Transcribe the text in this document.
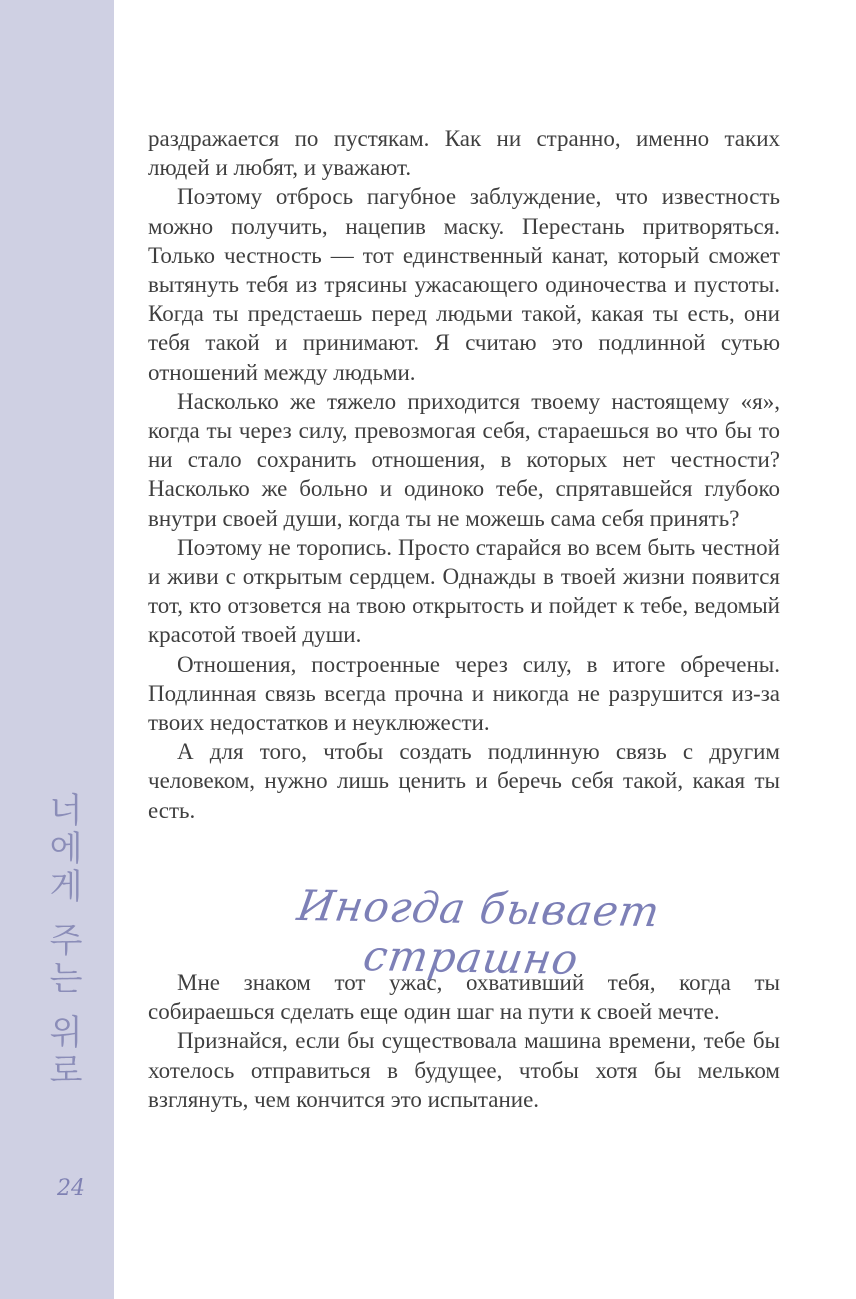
너
에
게
주
는
위
로
24

раздражается по пустякам. Как ни странно, именно таких людей и любят, и уважают.

Поэтому отбрось пагубное заблуждение, что известность можно получить, нацепив маску. Перестань притворяться. Только честность — тот единственный канат, который сможет вытянуть тебя из трясины ужасающего одиночества и пустоты. Когда ты предстаешь перед людьми такой, какая ты есть, они тебя такой и принимают. Я считаю это подлинной сутью отношений между людьми.

Насколько же тяжело приходится твоему настоящему «я», когда ты через силу, превозмогая себя, стараешься во что бы то ни стало сохранить отношения, в которых нет честности? Насколько же больно и одиноко тебе, спрятавшейся глубоко внутри своей души, когда ты не можешь сама себя принять?

Поэтому не торопись. Просто старайся во всем быть честной и живи с открытым сердцем. Однажды в твоей жизни появится тот, кто отзовется на твою открытость и пойдет к тебе, ведомый красотой твоей души.

Отношения, построенные через силу, в итоге обречены. Подлинная связь всегда прочна и никогда не разрушится из-за твоих недостатков и неуклюжести.

А для того, чтобы создать подлинную связь с другим человеком, нужно лишь ценить и беречь себя такой, какая ты есть.

Иногда бывает страшно

Мне знаком тот ужас, охвативший тебя, когда ты собираешься сделать еще один шаг на пути к своей мечте.

Признайся, если бы существовала машина времени, тебе бы хотелось отправиться в будущее, чтобы хотя бы мельком взглянуть, чем кончится это испытание.
